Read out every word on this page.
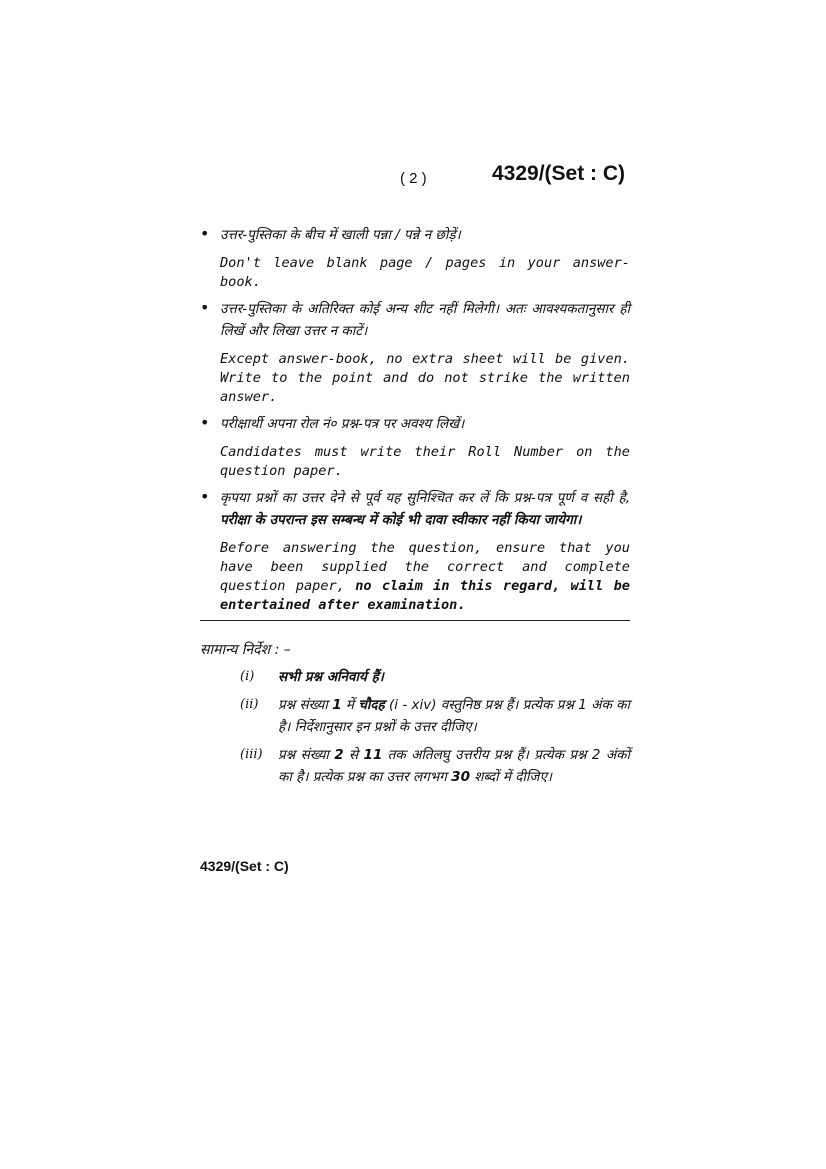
( 2 )	4329/(Set : C)
• उत्तर-पुस्तिका के बीच में खाली पन्ना / पन्ने न छोड़ें।
Don't leave blank page / pages in your answer-book.
• उत्तर-पुस्तिका के अतिरिक्त कोई अन्य शीट नहीं मिलेगी। अतः आवश्यकतानुसार ही लिखें और लिखा उत्तर न काटें।
Except answer-book, no extra sheet will be given. Write to the point and do not strike the written answer.
• परीक्षार्थी अपना रोल नं० प्रश्न-पत्र पर अवश्य लिखें।
Candidates must write their Roll Number on the question paper.
• कृपया प्रश्नों का उत्तर देने से पूर्व यह सुनिश्चित कर लें कि प्रश्न-पत्र पूर्ण व सही है, परीक्षा के उपरान्त इस सम्बन्ध में कोई भी दावा स्वीकार नहीं किया जायेगा।
Before answering the question, ensure that you have been supplied the correct and complete question paper, no claim in this regard, will be entertained after examination.
सामान्य निर्देश : –
(i) सभी प्रश्न अनिवार्य हैं।
(ii) प्रश्न संख्या 1 में चौदह (i - xiv) वस्तुनिष्ठ प्रश्न हैं। प्रत्येक प्रश्न 1 अंक का है। निर्देशानुसार इन प्रश्नों के उत्तर दीजिए।
(iii) प्रश्न संख्या 2 से 11 तक अतिलघु उत्तरीय प्रश्न हैं। प्रत्येक प्रश्न 2 अंकों का है। प्रत्येक प्रश्न का उत्तर लगभग 30 शब्दों में दीजिए।
4329/(Set : C)
